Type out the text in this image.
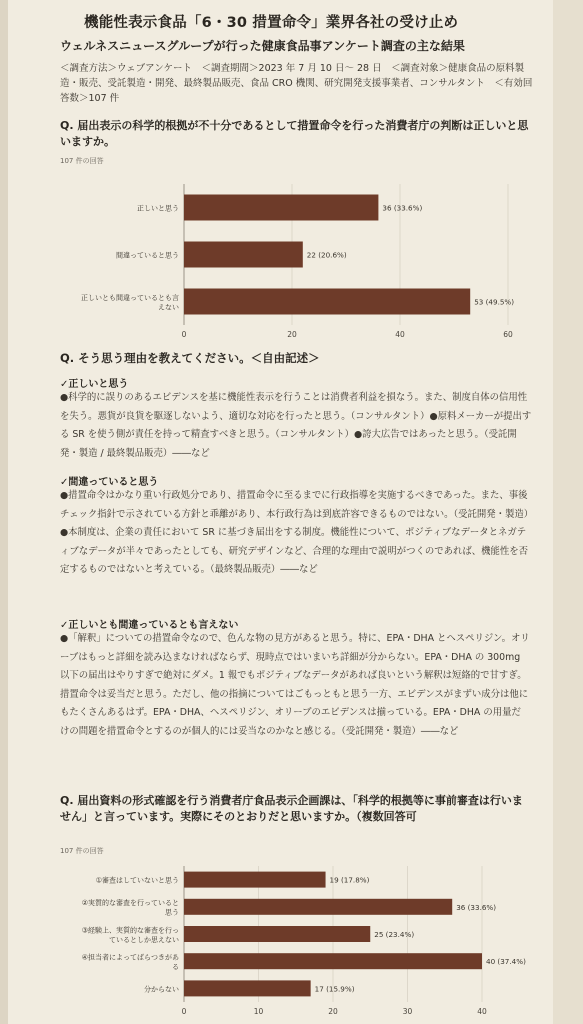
機能性表示食品「6・30 措置命令」業界各社の受け止め
ウェルネスニュースグループが行った健康食品事アンケート調査の主な結果
＜調査方法＞ウェブアンケート　＜調査期間＞2023 年 7 月 10 日～ 28 日　＜調査対象＞健康食品の原料製造・販売、受託製造・開発、最終製品販売、食品 CRO 機関、研究開発支援事業者、コンサルタント　＜有効回答数＞107 件
Q. 届出表示の科学的根拠が不十分であるとして措置命令を行った消費者庁の判断は正しいと思いますか。
107 件の回答
0	20	40	60
36 (33.6%)
正しいと思う
22 (20.6%)
間違っていると思う
53 (49.5%)
正しいとも間違っているとも言
えない
Q. そう思う理由を教えてください。＜自由記述＞
✓正しいと思う
●科学的に誤りのあるエビデンスを基に機能性表示を行うことは消費者利益を損なう。また、制度自体の信用性を失う。悪貨が良貨を駆逐しないよう、適切な対応を行ったと思う。（コンサルタント）●原料メーカーが提出する SR を使う側が責任を持って精査すべきと思う。（コンサルタント）●誇大広告ではあったと思う。（受託開発・製造 / 最終製品販売）――など
✓間違っていると思う
●措置命令はかなり重い行政処分であり、措置命令に至るまでに行政指導を実施するべきであった。また、事後チェック指針で示されている方針と乖離があり、本行政行為は到底許容できるものではない。（受託開発・製造）●本制度は、企業の責任において SR に基づき届出をする制度。機能性について、ポジティブなデータとネガティブなデータが半々であったとしても、研究デザインなど、合理的な理由で説明がつくのであれば、機能性を否定するものではないと考えている。（最終製品販売）――など
✓正しいとも間違っているとも言えない
●「解釈」についての措置命令なので、色んな物の見方があると思う。特に、EPA・DHA とヘスペリジン。オリーブはもっと詳細を読み込まなければならず、現時点ではいまいち詳細が分からない。EPA・DHA の 300mg 以下の届出はやりすぎで絶対にダメ。1 報でもポジティブなデータがあれば良いという解釈は短絡的で甘すぎ。措置命令は妥当だと思う。ただし、他の指摘についてはごもっともと思う一方、エビデンスがまずい成分は他にもたくさんあるはず。EPA・DHA、ヘスペリジン、オリーブのエビデンスは揃っている。EPA・DHA の用量だけの問題を措置命令とするのが個人的には妥当なのかなと感じる。（受託開発・製造）――など
Q. 届出資料の形式確認を行う消費者庁食品表示企画課は、「科学的根拠等に事前審査は行いません」と言っています。実際にそのとおりだと思いますか。（複数回答可
107 件の回答
0	10	20	30	40
19 (17.8%)
①審査はしていないと思う
36 (33.6%)
②実質的な審査を行っていると
思う
25 (23.4%)
③経験上、実質的な審査を行っ
ているとしか思えない
40 (37.4%)
④担当者によってばらつきがあ
る
17 (15.9%)
分からない
